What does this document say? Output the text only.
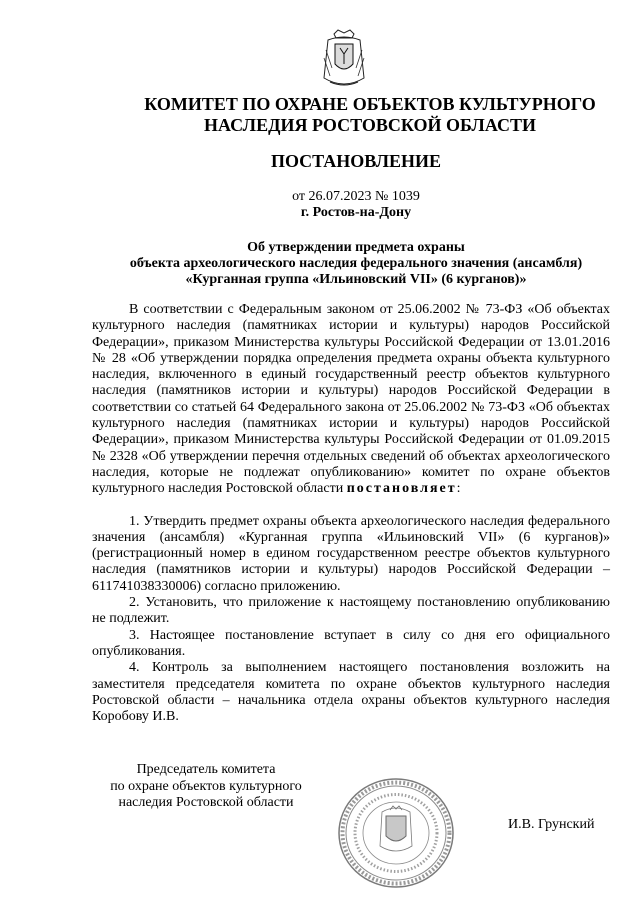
КОМИТЕТ ПО ОХРАНЕ ОБЪЕКТОВ КУЛЬТУРНОГО
НАСЛЕДИЯ РОСТОВСКОЙ ОБЛАСТИ
ПОСТАНОВЛЕНИЕ
от 26.07.2023 № 1039
г. Ростов-на-Дону
Об утверждении предмета охраны
объекта археологического наследия федерального значения (ансамбля)
«Курганная группа «Ильиновский VII» (6 курганов)»

В соответствии с Федеральным законом от 25.06.2002 № 73-ФЗ «Об объектах культурного наследия (памятниках истории и культуры) народов Российской Федерации», приказом Министерства культуры Российской Федерации от 13.01.2016 № 28 «Об утверждении порядка определения предмета охраны объекта культурного наследия, включенного в единый государственный реестр объектов культурного наследия (памятников истории и культуры) народов Российской Федерации в соответствии со статьей 64 Федерального закона от 25.06.2002 № 73-ФЗ «Об объектах культурного наследия (памятниках истории и культуры) народов Российской Федерации», приказом Министерства культуры Российской Федерации от 01.09.2015 № 2328 «Об утверждении перечня отдельных сведений об объектах археологического наследия, которые не подлежат опубликованию» комитет по охране объектов культурного наследия Ростовской области постановляет:

1. Утвердить предмет охраны объекта археологического наследия федерального значения (ансамбля) «Курганная группа «Ильиновский VII» (6 курганов)» (регистрационный номер в едином государственном реестре объектов культурного наследия (памятников истории и культуры) народов Российской Федерации – 611741038330006) согласно приложению.

2. Установить, что приложение к настоящему постановлению опубликованию не подлежит.

3. Настоящее постановление вступает в силу со дня его официального опубликования.

4. Контроль за выполнением настоящего постановления возложить на заместителя председателя комитета по охране объектов культурного наследия Ростовской области – начальника отдела охраны объектов культурного наследия Коробову И.В.

Председатель комитета
по охране объектов культурного
наследия Ростовской области
И.В. Грунский
